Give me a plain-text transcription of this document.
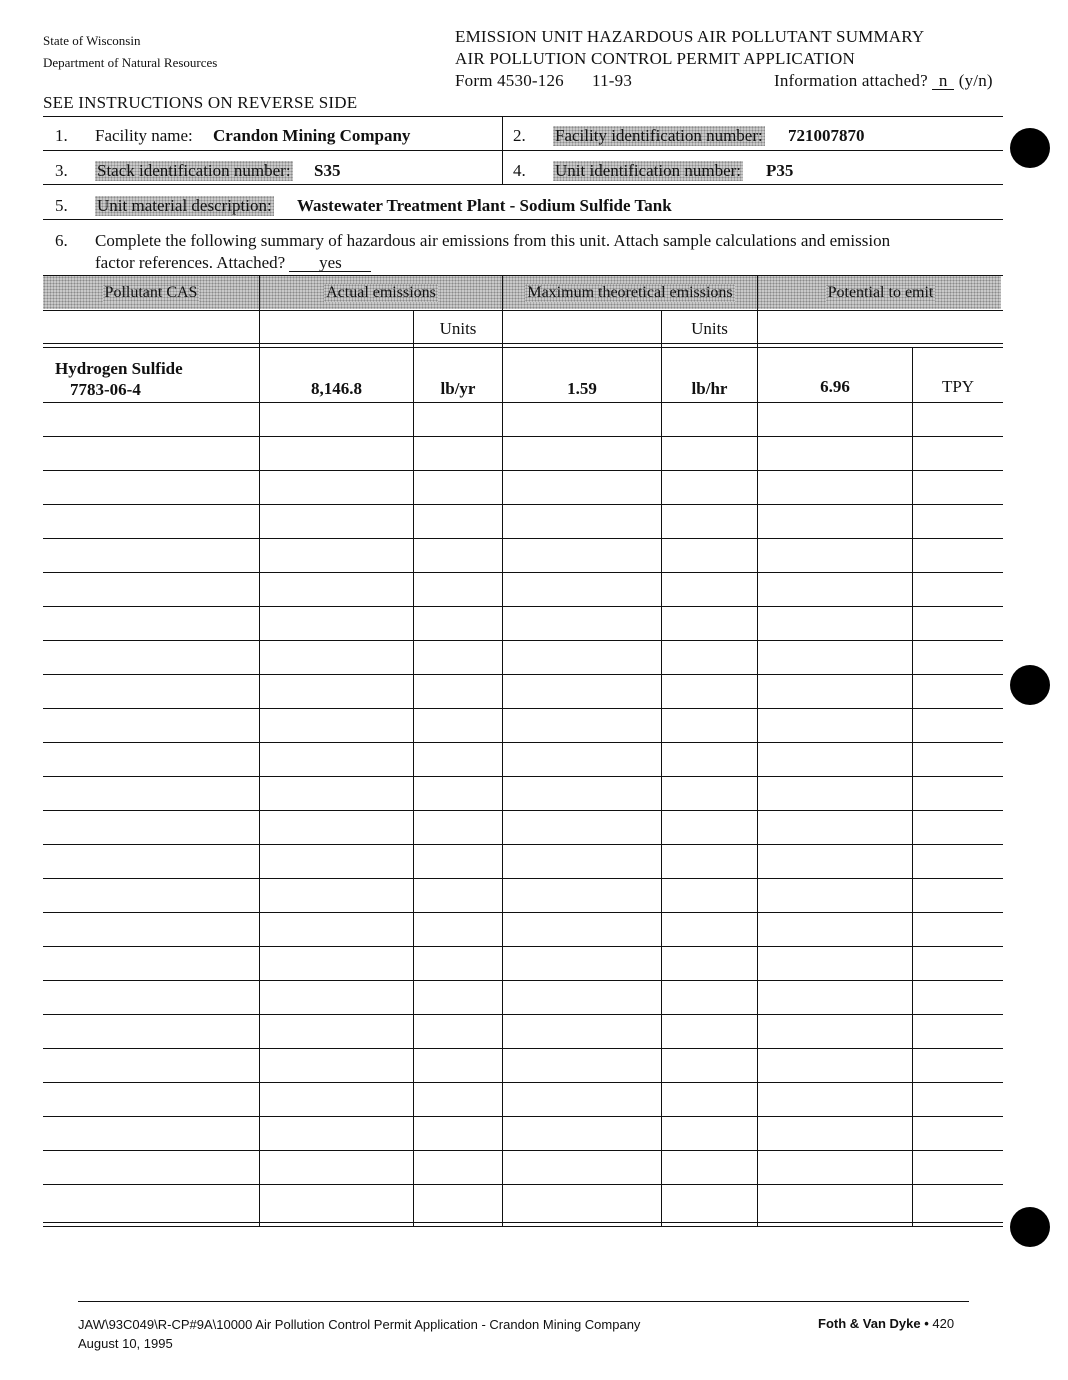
State of Wisconsin
Department of Natural Resources
EMISSION UNIT HAZARDOUS AIR POLLUTANT SUMMARY
AIR POLLUTION CONTROL PERMIT APPLICATION
Form 4530-126 11-93	Information attached? n (y/n)
SEE INSTRUCTIONS ON REVERSE SIDE
1. Facility name: Crandon Mining Company	2. Facility identification number: 721007870
3. Stack identification number: S35	4. Unit identification number: P35
5. Unit material description: Wastewater Treatment Plant - Sodium Sulfide Tank
6. Complete the following summary of hazardous air emissions from this unit. Attach sample calculations and emission
factor references. Attached? yes
Pollutant CAS	Actual emissions	Maximum theoretical emissions	Potential to emit
Units	Units
Hydrogen Sulfide
7783-06-4	8,146.8	lb/yr	1.59	lb/hr	6.96	TPY
JAW\93C049\R-CP#9A\10000 Air Pollution Control Permit Application - Crandon Mining Company
August 10, 1995
Foth & Van Dyke • 420
